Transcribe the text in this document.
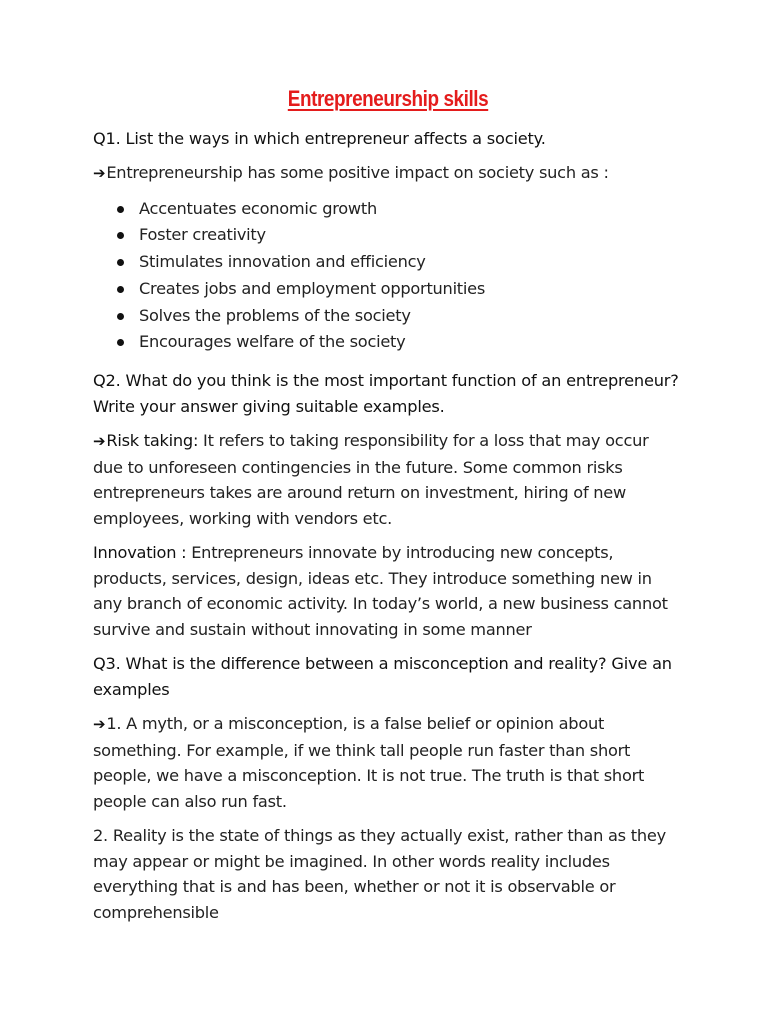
Entrepreneurship skills

Q1. List the ways in which entrepreneur affects a society.

➔Entrepreneurship has some positive impact on society such as :

Accentuates economic growth
Foster creativity
Stimulates innovation and efficiency
Creates jobs and employment opportunities
Solves the problems of the society
Encourages welfare of the society

Q2. What do you think is the most important function of an entrepreneur? Write your answer giving suitable examples.

➔Risk taking: It refers to taking responsibility for a loss that may occur due to unforeseen contingencies in the future. Some common risks entrepreneurs takes are around return on investment, hiring of new employees, working with vendors etc.

Innovation : Entrepreneurs innovate by introducing new concepts, products, services, design, ideas etc. They introduce something new in any branch of economic activity. In today’s world, a new business cannot survive and sustain without innovating in some manner

Q3. What is the difference between a misconception and reality? Give an examples

➔1. A myth, or a misconception, is a false belief or opinion about something. For example, if we think tall people run faster than short people, we have a misconception. It is not true. The truth is that short people can also run fast.

2. Reality is the state of things as they actually exist, rather than as they may appear or might be imagined. In other words reality includes everything that is and has been, whether or not it is observable or comprehensible
